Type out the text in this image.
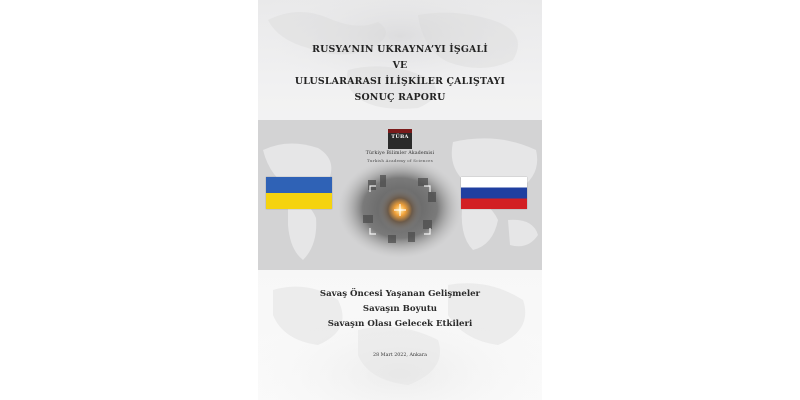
RUSYA’NIN UKRAYNA’YI İŞGALİ
VE
ULUSLARARASI İLİŞKİLER ÇALIŞTAYI
SONUÇ RAPORU
TÜBA
Türkiye Bilimler Akademisi
Turkish Academy of Sciences
Savaş Öncesi Yaşanan Gelişmeler
Savaşın Boyutu
Savaşın Olası Gelecek Etkileri
28 Mart 2022, Ankara
